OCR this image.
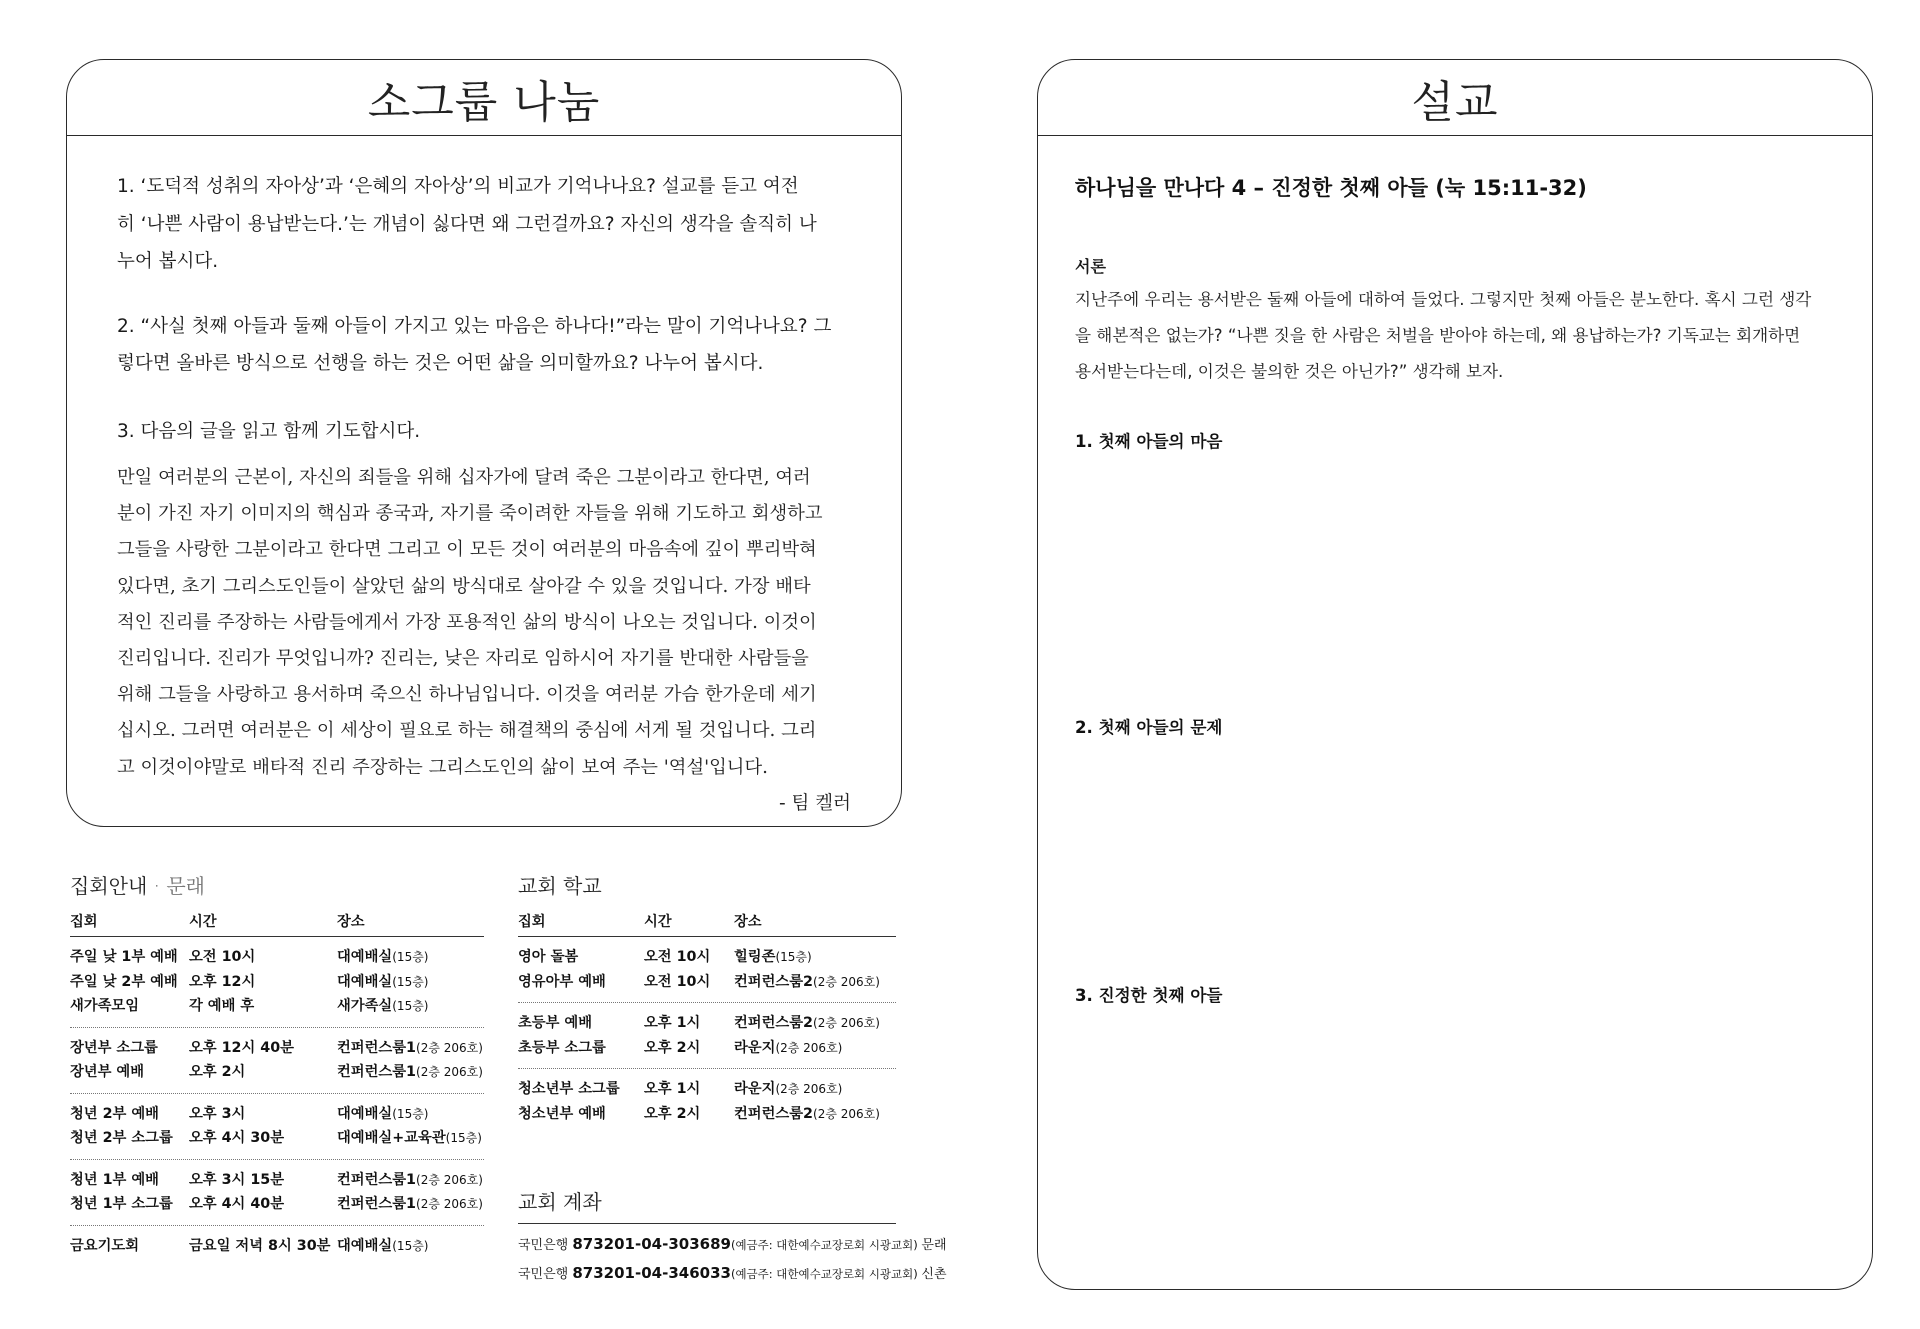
소그룹 나눔
1. ‘도덕적 성취의 자아상’과 ‘은혜의 자아상’의 비교가 기억나나요? 설교를 듣고 여전
히 ‘나쁜 사람이 용납받는다.’는 개념이 싫다면 왜 그런걸까요? 자신의 생각을 솔직히 나
누어 봅시다.
2. “사실 첫째 아들과 둘째 아들이 가지고 있는 마음은 하나다!”라는 말이 기억나나요? 그
렇다면 올바른 방식으로 선행을 하는 것은 어떤 삶을 의미할까요? 나누어 봅시다.
3. 다음의 글을 읽고 함께 기도합시다.
만일 여러분의 근본이, 자신의 죄들을 위해 십자가에 달려 죽은 그분이라고 한다면, 여러
분이 가진 자기 이미지의 핵심과 종국과, 자기를 죽이려한 자들을 위해 기도하고 회생하고
그들을 사랑한 그분이라고 한다면 그리고 이 모든 것이 여러분의 마음속에 깊이 뿌리박혀
있다면, 초기 그리스도인들이 살았던 삶의 방식대로 살아갈 수 있을 것입니다. 가장 배타
적인 진리를 주장하는 사람들에게서 가장 포용적인 삶의 방식이 나오는 것입니다. 이것이
진리입니다. 진리가 무엇입니까? 진리는, 낮은 자리로 임하시어 자기를 반대한 사람들을
위해 그들을 사랑하고 용서하며 죽으신 하나님입니다. 이것을 여러분 가슴 한가운데 세기
십시오. 그러면 여러분은 이 세상이 필요로 하는 해결책의 중심에 서게 될 것입니다. 그리
고 이것이야말로 배타적 진리 주장하는 그리스도인의 삶이 보여 주는 '역설'입니다.
- 팀 켈러
설교
하나님을 만나다 4 – 진정한 첫째 아들 (눅 15:11-32)
서론
지난주에 우리는 용서받은 둘째 아들에 대하여 들었다. 그렇지만 첫째 아들은 분노한다. 혹시 그런 생각
을 해본적은 없는가? “나쁜 짓을 한 사람은 처벌을 받아야 하는데, 왜 용납하는가? 기독교는 회개하면
용서받는다는데, 이것은 불의한 것은 아닌가?” 생각해 보자.
1. 첫째 아들의 마음
2. 첫째 아들의 문제
3. 진정한 첫째 아들
집회안내 · 문래
집회	시간	장소
주일 낮 1부 예배 오전 10시	대예배실(15층)
주일 낮 2부 예배 오후 12시	대예배실(15층)
새가족모임	각 예배 후	새가족실(15층)
장년부 소그룹	오후 12시 40분	컨퍼런스룸1(2층 206호)
장년부 예배	오후 2시	컨퍼런스룸1(2층 206호)
청년 2부 예배	오후 3시	대예배실(15층)
청년 2부 소그룹	오후 4시 30분	대예배실+교육관(15층)
청년 1부 예배	오후 3시 15분	컨퍼런스룸1(2층 206호)
청년 1부 소그룹	오후 4시 40분	컨퍼런스룸1(2층 206호)
금요기도회	금요일 저녁 8시 30분 대예배실(15층)
교회 학교
집회	시간	장소
영아 돌봄	오전 10시	힐링존(15층)
영유아부 예배	오전 10시	컨퍼런스룸2(2층 206호)
초등부 예배	오후 1시	컨퍼런스룸2(2층 206호)
초등부 소그룹	오후 2시	라운지(2층 206호)
청소년부 소그룹	오후 1시	라운지(2층 206호)
청소년부 예배	오후 2시	컨퍼런스룸2(2층 206호)
교회 계좌
국민은행 873201-04-303689(예금주: 대한예수교장로회 시광교회) 문래
국민은행 873201-04-346033(예금주: 대한예수교장로회 시광교회) 신촌
